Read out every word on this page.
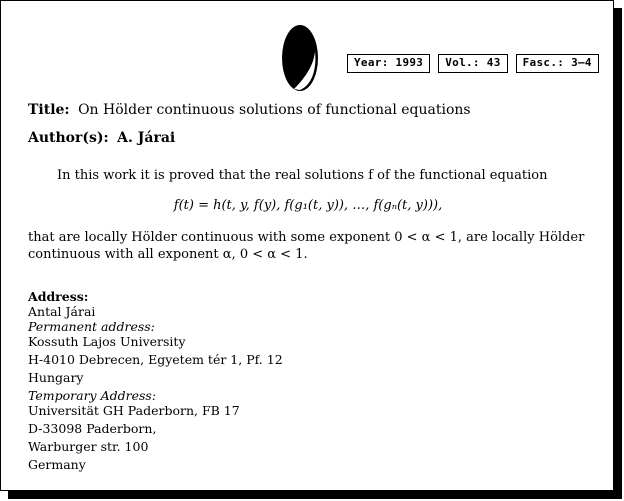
Year: 1993	Vol.: 43	Fasc.: 3–4
Title: On Hölder continuous solutions of functional equations
Author(s): A. Járai
In this work it is proved that the real solutions f of the functional equation
f(t) = h(t, y, f(y), f(g₁(t, y)), …, f(gₙ(t, y))),
that are locally Hölder continuous with some exponent 0 < α < 1, are locally Hölder continuous with all exponent α, 0 < α < 1.
Address:
Antal Járai
Permanent address:
Kossuth Lajos University
H-4010 Debrecen, Egyetem tér 1, Pf. 12
Hungary
Temporary Address:
Universität GH Paderborn, FB 17
D-33098 Paderborn,
Warburger str. 100
Germany
